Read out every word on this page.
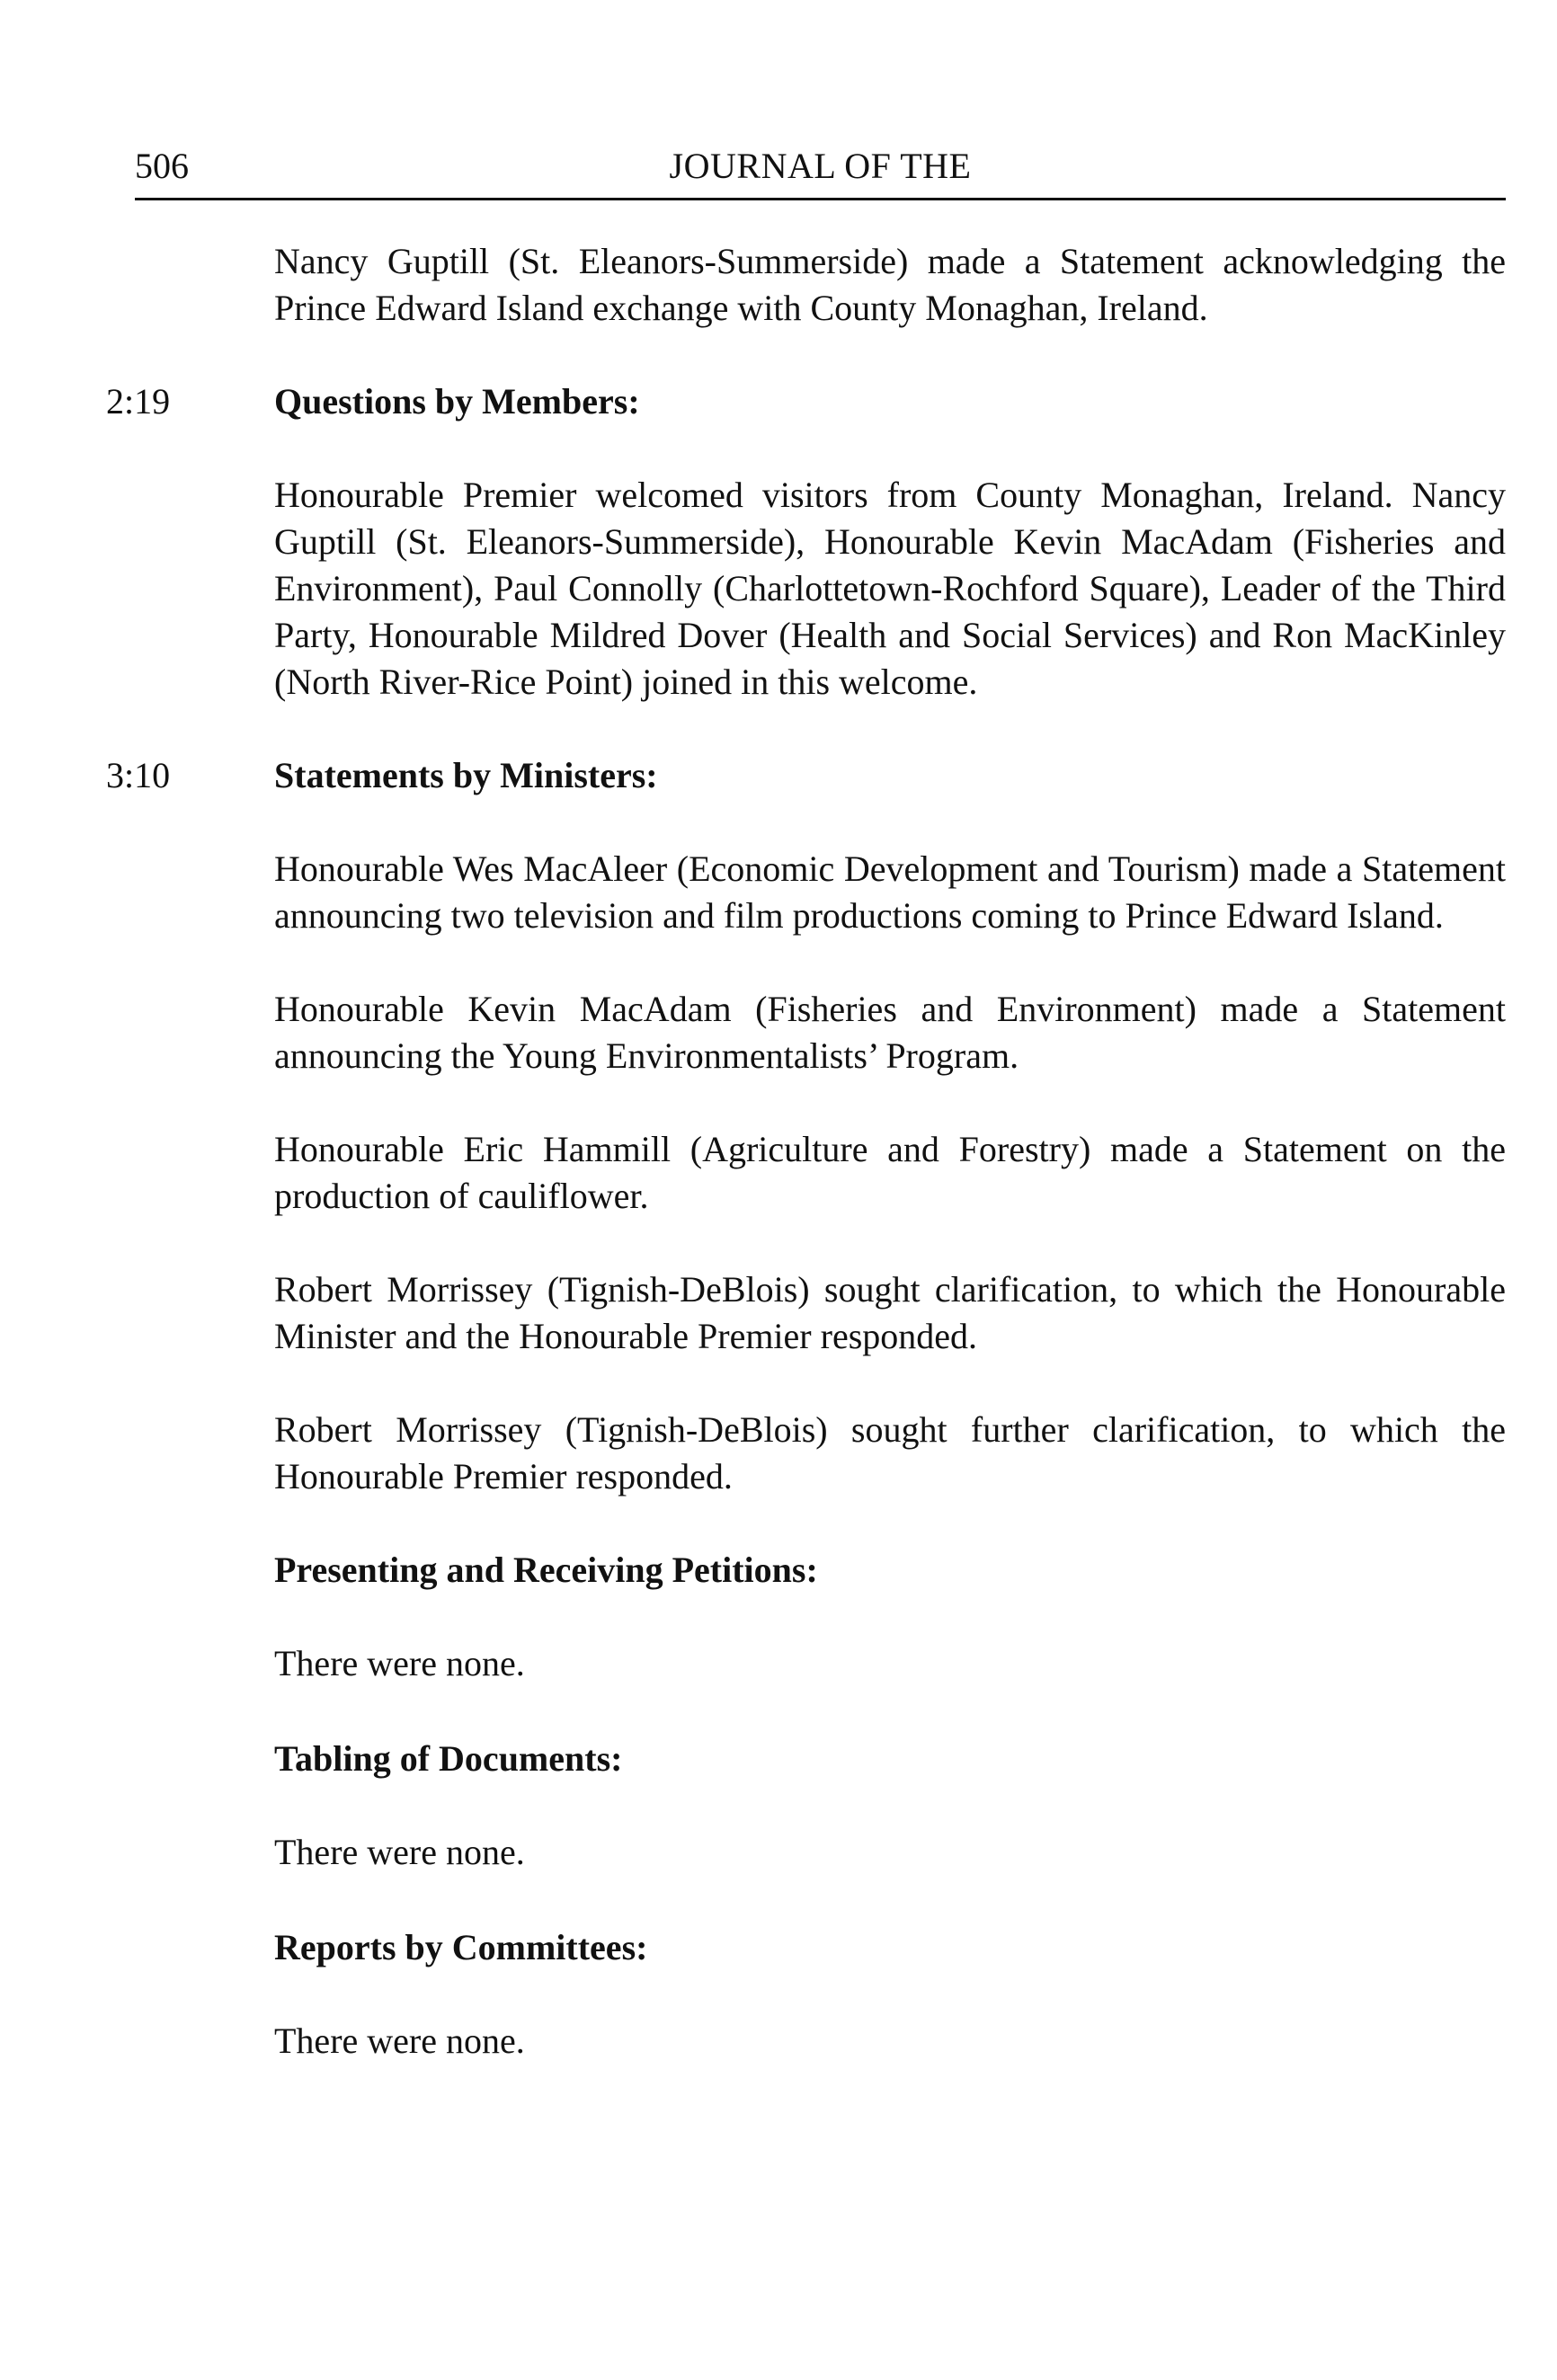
506	JOURNAL OF THE

Nancy Guptill (St. Eleanors-Summerside) made a Statement acknowledging the Prince Edward Island exchange with County Monaghan, Ireland.

2:19	Questions by Members:

Honourable Premier welcomed visitors from County Monaghan, Ireland. Nancy Guptill (St. Eleanors-Summerside), Honourable Kevin MacAdam (Fisheries and Environment), Paul Connolly (Charlottetown-Rochford Square), Leader of the Third Party, Honourable Mildred Dover (Health and Social Services) and Ron MacKinley (North River-Rice Point) joined in this welcome.

3:10	Statements by Ministers:

Honourable Wes MacAleer (Economic Development and Tourism) made a Statement announcing two television and film productions coming to Prince Edward Island.

Honourable Kevin MacAdam (Fisheries and Environment) made a Statement announcing the Young Environmentalists’ Program.

Honourable Eric Hammill (Agriculture and Forestry) made a Statement on the production of cauliflower.

Robert Morrissey (Tignish-DeBlois) sought clarification, to which the Honourable Minister and the Honourable Premier responded.

Robert Morrissey (Tignish-DeBlois) sought further clarification, to which the Honourable Premier responded.

Presenting and Receiving Petitions:

There were none.

Tabling of Documents:

There were none.

Reports by Committees:

There were none.
